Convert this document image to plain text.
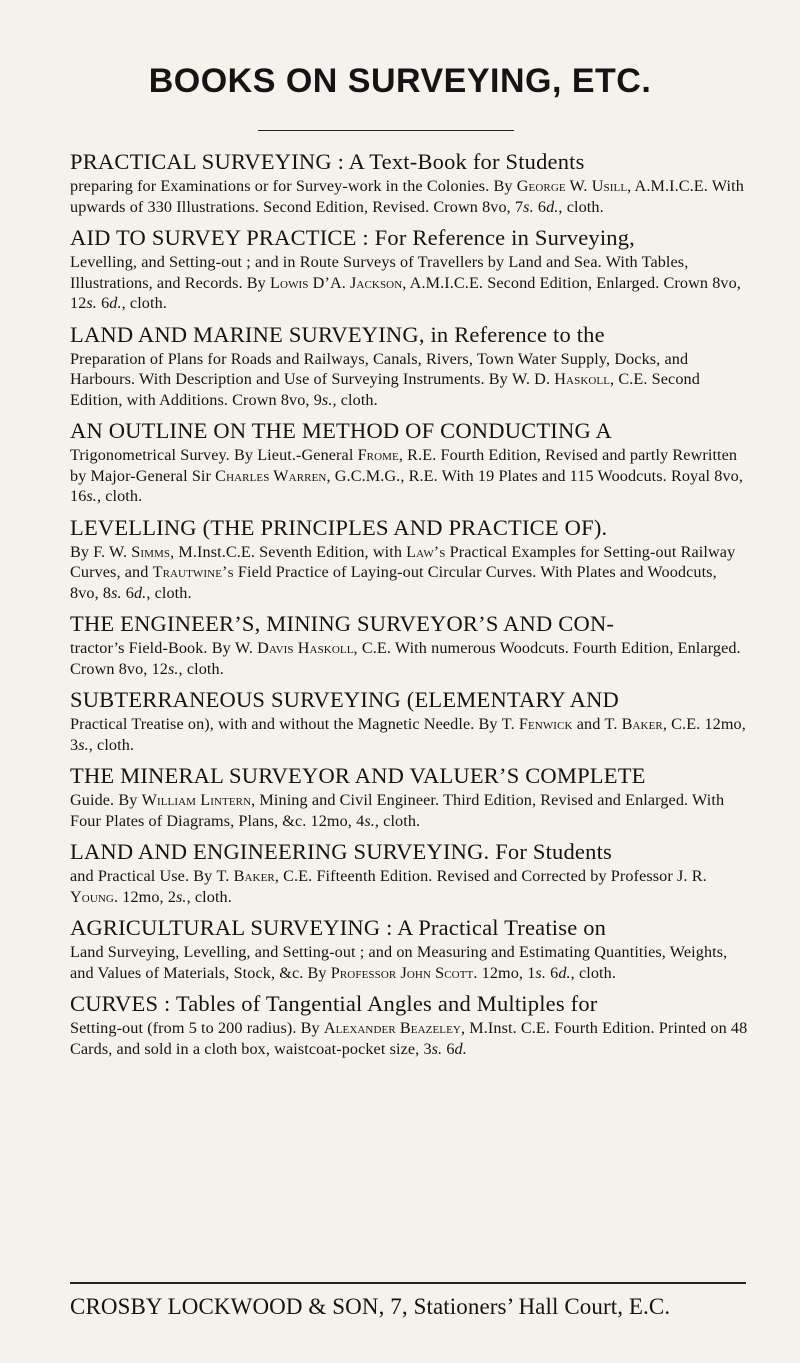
BOOKS ON SURVEYING, ETC.
PRACTICAL SURVEYING : A Text-Book for Students
preparing for Examinations or for Survey-work in the Colonies. By George W. Usill, A.M.I.C.E. With upwards of 330 Illustrations. Second Edition, Revised. Crown 8vo, 7s. 6d., cloth.
AID TO SURVEY PRACTICE : For Reference in Surveying,
Levelling, and Setting-out ; and in Route Surveys of Travellers by Land and Sea. With Tables, Illustrations, and Records. By Lowis D’A. Jackson, A.M.I.C.E. Second Edition, Enlarged. Crown 8vo, 12s. 6d., cloth.
LAND AND MARINE SURVEYING, in Reference to the
Preparation of Plans for Roads and Railways, Canals, Rivers, Town Water Supply, Docks, and Harbours. With Description and Use of Surveying Instruments. By W. D. Haskoll, C.E. Second Edition, with Additions. Crown 8vo, 9s., cloth.
AN OUTLINE ON THE METHOD OF CONDUCTING A
Trigonometrical Survey. By Lieut.-General Frome, R.E. Fourth Edition, Revised and partly Rewritten by Major-General Sir Charles Warren, G.C.M.G., R.E. With 19 Plates and 115 Woodcuts. Royal 8vo, 16s., cloth.
LEVELLING (THE PRINCIPLES AND PRACTICE OF).
By F. W. Simms, M.Inst.C.E. Seventh Edition, with Law’s Practical Examples for Setting-out Railway Curves, and Trautwine’s Field Practice of Laying-out Circular Curves. With Plates and Woodcuts, 8vo, 8s. 6d., cloth.
THE ENGINEER’S, MINING SURVEYOR’S AND CON-
tractor’s Field-Book. By W. Davis Haskoll, C.E. With numerous Woodcuts. Fourth Edition, Enlarged. Crown 8vo, 12s., cloth.
SUBTERRANEOUS SURVEYING (ELEMENTARY AND
Practical Treatise on), with and without the Magnetic Needle. By T. Fenwick and T. Baker, C.E. 12mo, 3s., cloth.
THE MINERAL SURVEYOR AND VALUER’S COMPLETE
Guide. By William Lintern, Mining and Civil Engineer. Third Edition, Revised and Enlarged. With Four Plates of Diagrams, Plans, &c. 12mo, 4s., cloth.
LAND AND ENGINEERING SURVEYING. For Students
and Practical Use. By T. Baker, C.E. Fifteenth Edition. Revised and Corrected by Professor J. R. Young. 12mo, 2s., cloth.
AGRICULTURAL SURVEYING : A Practical Treatise on
Land Surveying, Levelling, and Setting-out ; and on Measuring and Estimating Quantities, Weights, and Values of Materials, Stock, &c. By Professor John Scott. 12mo, 1s. 6d., cloth.
CURVES : Tables of Tangential Angles and Multiples for
Setting-out (from 5 to 200 radius). By Alexander Beazeley, M.Inst. C.E. Fourth Edition. Printed on 48 Cards, and sold in a cloth box, waistcoat-pocket size, 3s. 6d.
CROSBY LOCKWOOD & SON, 7, Stationers’ Hall Court, E.C.
